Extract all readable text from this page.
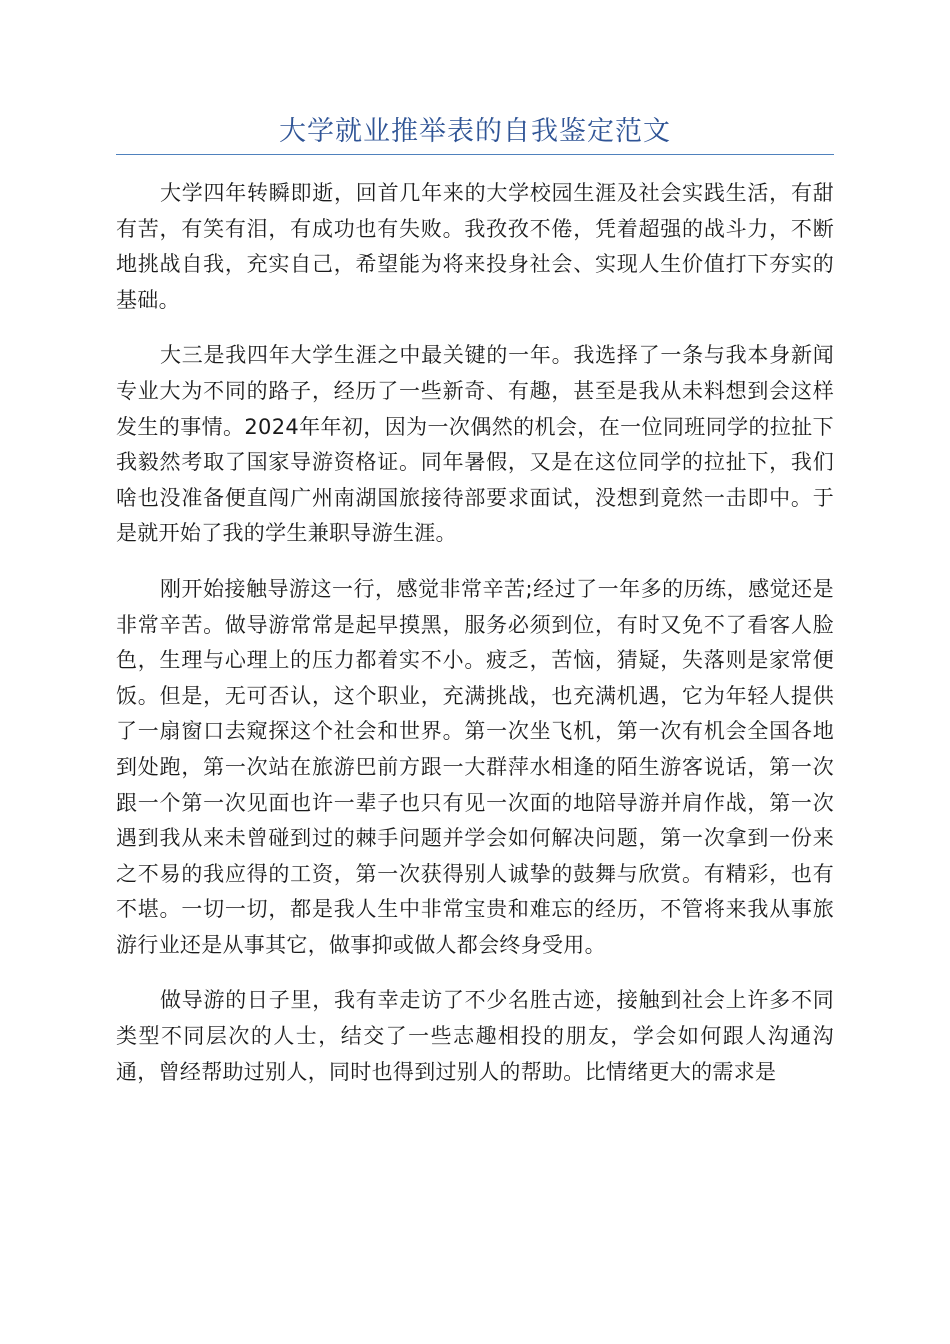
大学就业推举表的自我鉴定范文

大学四年转瞬即逝，回首几年来的大学校园生涯及社会实践生活，有甜有苦，有笑有泪，有成功也有失败。我孜孜不倦，凭着超强的战斗力，不断地挑战自我，充实自己，希望能为将来投身社会、实现人生价值打下夯实的基础。

大三是我四年大学生涯之中最关键的一年。我选择了一条与我本身新闻专业大为不同的路子，经历了一些新奇、有趣，甚至是我从未料想到会这样发生的事情。2024年年初，因为一次偶然的机会，在一位同班同学的拉扯下我毅然考取了国家导游资格证。同年暑假，又是在这位同学的拉扯下，我们啥也没准备便直闯广州南湖国旅接待部要求面试，没想到竟然一击即中。于是就开始了我的学生兼职导游生涯。

刚开始接触导游这一行，感觉非常辛苦;经过了一年多的历练，感觉还是非常辛苦。做导游常常是起早摸黑，服务必须到位，有时又免不了看客人脸色，生理与心理上的压力都着实不小。疲乏，苦恼，猜疑，失落则是家常便饭。但是，无可否认，这个职业，充满挑战，也充满机遇，它为年轻人提供了一扇窗口去窥探这个社会和世界。第一次坐飞机，第一次有机会全国各地到处跑，第一次站在旅游巴前方跟一大群萍水相逢的陌生游客说话，第一次跟一个第一次见面也许一辈子也只有见一次面的地陪导游并肩作战，第一次遇到我从来未曾碰到过的棘手问题并学会如何解决问题，第一次拿到一份来之不易的我应得的工资，第一次获得别人诚挚的鼓舞与欣赏。有精彩，也有不堪。一切一切，都是我人生中非常宝贵和难忘的经历，不管将来我从事旅游行业还是从事其它，做事抑或做人都会终身受用。

做导游的日子里，我有幸走访了不少名胜古迹，接触到社会上许多不同类型不同层次的人士，结交了一些志趣相投的朋友，学会如何跟人沟通沟通，曾经帮助过别人，同时也得到过别人的帮助。比情绪更大的需求是
